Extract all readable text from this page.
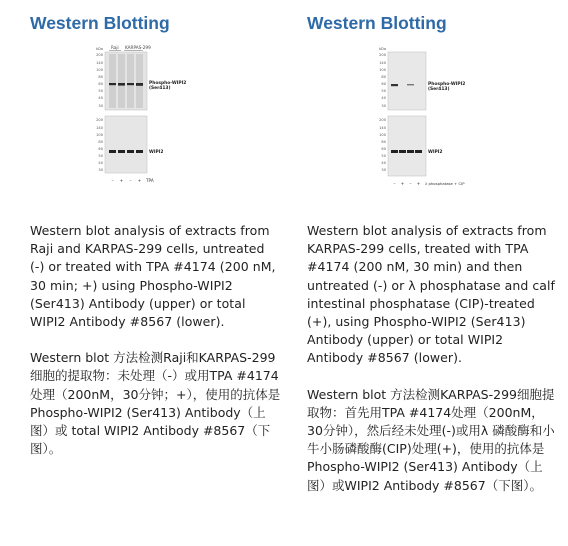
Western Blotting
Raji KARPAS-299
kDa
200
140
100
80
60
50
40
30
Phospho-WIPI2
(Ser413)
200
140
100
80
60
50
40
30
WIPI2
– + – + TPA

Western blot analysis of extracts from Raji and KARPAS-299 cells, untreated (-) or treated with TPA #4174 (200 nM, 30 min; +) using Phospho-WIPI2 (Ser413) Antibody (upper) or total WIPI2 Antibody #8567 (lower).

Western blot 方法检测Raji和KARPAS-299细胞的提取物：未处理（-）或用TPA #4174处理（200nM，30分钟；+），使用的抗体是Phospho-WIPI2 (Ser413) Antibody（上图）或 total WIPI2 Antibody #8567（下图）。

Western Blotting
kDa
200
140
100
80
60
50
40
30
Phospho-WIPI2
(Ser413)
200
140
100
80
60
50
40
30
WIPI2
– + – + λ phosphatase + CIP

Western blot analysis of extracts from KARPAS-299 cells, treated with TPA #4174 (200 nM, 30 min) and then untreated (-) or λ phosphatase and calf intestinal phosphatase (CIP)-treated (+), using Phospho-WIPI2 (Ser413) Antibody (upper) or total WIPI2 Antibody #8567 (lower).

Western blot 方法检测KARPAS-299细胞提取物：首先用TPA #4174处理（200nM，30分钟），然后经未处理(-)或用λ 磷酸酶和小牛小肠磷酸酶(CIP)处理(+)，使用的抗体是Phospho-WIPI2 (Ser413) Antibody（上图）或WIPI2 Antibody #8567（下图）。
